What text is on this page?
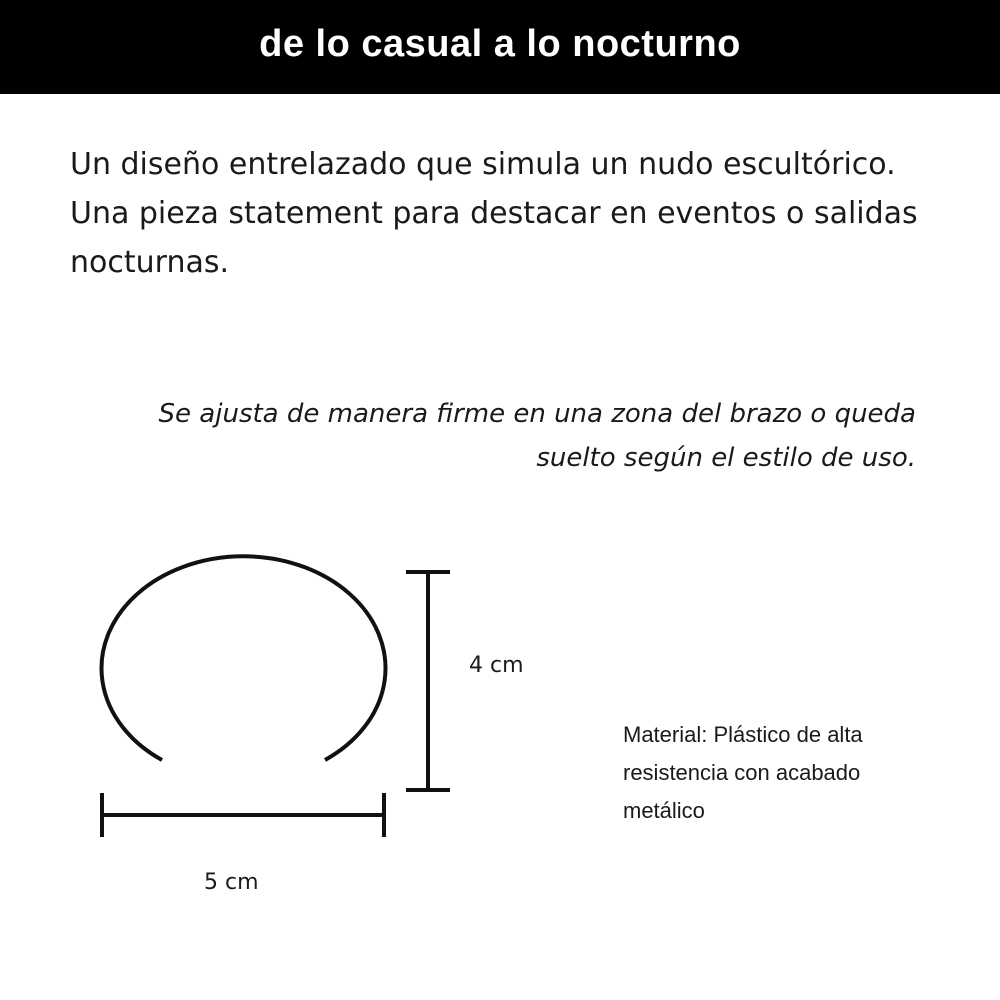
de lo casual a lo nocturno

Un diseño entrelazado que simula un nudo escultórico. Una pieza statement para destacar en eventos o salidas nocturnas.

Se ajusta de manera firme en una zona del brazo o queda suelto según el estilo de uso.

4 cm
5 cm

Material: Plástico de alta resistencia con acabado metálico
